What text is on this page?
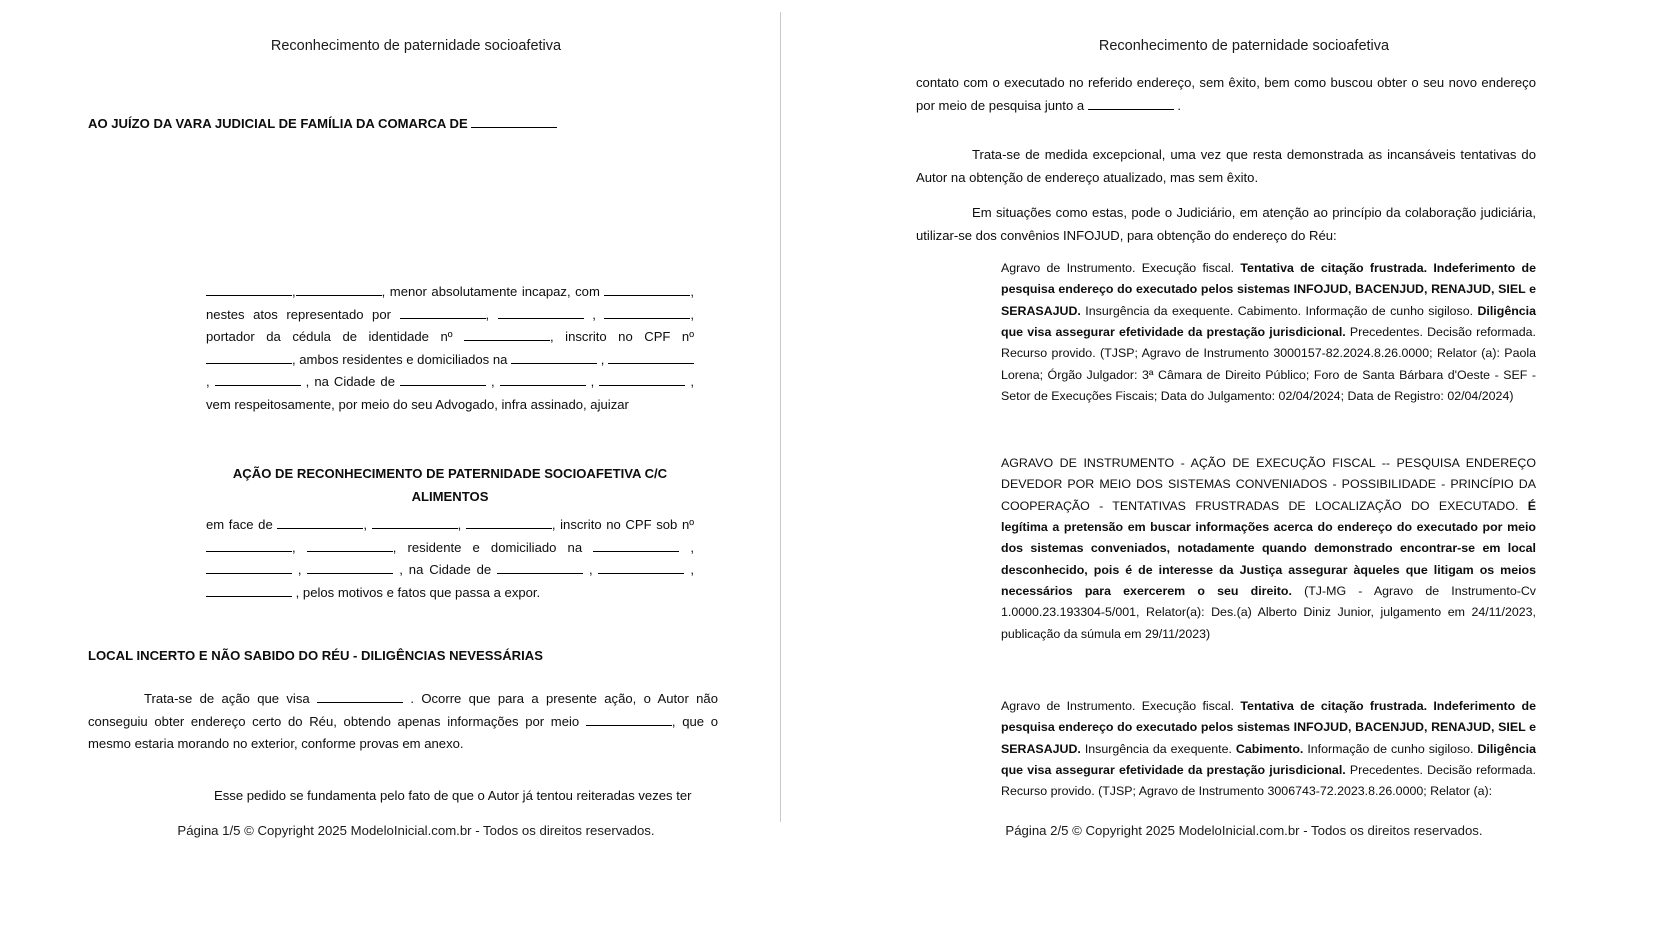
Reconhecimento de paternidade socioafetiva

AO JUÍZO DA VARA JUDICIAL DE FAMÍLIA DA COMARCA DE

,	, menor absolutamente incapaz, com	, nestes atos representado por	,	,	, portador da cédula de identidade nº	, inscrito no CPF nº , ambos residentes e domiciliados na	,  ,	, na Cidade de	,	,	, vem respeitosamente, por meio do seu Advogado, infra assinado, ajuizar

AÇÃO DE RECONHECIMENTO DE PATERNIDADE SOCIOAFETIVA C/C

ALIMENTOS

em face de	,	,	, inscrito no CPF sob nº ,	, residente e domiciliado na	,  ,	, na Cidade de	,	,  , pelos motivos e fatos que passa a expor.

LOCAL INCERTO E NÃO SABIDO DO RÉU - DILIGÊNCIAS NEVESSÁRIAS

Trata-se de ação que visa	. Ocorre que para a presente ação, o Autor não conseguiu obter endereço certo do Réu, obtendo apenas informações por meio	, que o mesmo estaria morando no exterior, conforme provas em anexo.

Esse pedido se fundamenta pelo fato de que o Autor já tentou reiteradas vezes ter

Página 1/5 © Copyright 2025 ModeloInicial.com.br - Todos os direitos reservados.
Reconhecimento de paternidade socioafetiva

contato com o executado no referido endereço, sem êxito, bem como buscou obter o seu novo endereço por meio de pesquisa junto a	.

Trata-se de medida excepcional, uma vez que resta demonstrada as incansáveis tentativas do Autor na obtenção de endereço atualizado, mas sem êxito.

Em situações como estas, pode o Judiciário, em atenção ao princípio da colaboração judiciária, utilizar-se dos convênios INFOJUD, para obtenção do endereço do Réu:

Agravo de Instrumento. Execução fiscal. Tentativa de citação frustrada. Indeferimento de pesquisa endereço do executado pelos sistemas INFOJUD, BACENJUD, RENAJUD, SIEL e SERASAJUD. Insurgência da exequente. Cabimento. Informação de cunho sigiloso. Diligência que visa assegurar efetividade da prestação jurisdicional. Precedentes. Decisão reformada. Recurso provido. (TJSP; Agravo de Instrumento 3000157-82.2024.8.26.0000; Relator (a): Paola Lorena; Órgão Julgador: 3ª Câmara de Direito Público; Foro de Santa Bárbara d'Oeste - SEF - Setor de Execuções Fiscais; Data do Julgamento: 02/04/2024; Data de Registro: 02/04/2024)

AGRAVO DE INSTRUMENTO - AÇÃO DE EXECUÇÃO FISCAL -- PESQUISA ENDEREÇO DEVEDOR POR MEIO DOS SISTEMAS CONVENIADOS - POSSIBILIDADE - PRINCÍPIO DA COOPERAÇÃO - TENTATIVAS FRUSTRADAS DE LOCALIZAÇÃO DO EXECUTADO. É legítima a pretensão em buscar informações acerca do endereço do executado por meio dos sistemas conveniados, notadamente quando demonstrado encontrar-se em local desconhecido, pois é de interesse da Justiça assegurar àqueles que litigam os meios necessários para exercerem o seu direito. (TJ-MG - Agravo de Instrumento-Cv 1.0000.23.193304-5/001, Relator(a): Des.(a) Alberto Diniz Junior, julgamento em 24/11/2023, publicação da súmula em 29/11/2023)

Agravo de Instrumento. Execução fiscal. Tentativa de citação frustrada. Indeferimento de pesquisa endereço do executado pelos sistemas INFOJUD, BACENJUD, RENAJUD, SIEL e SERASAJUD. Insurgência da exequente. Cabimento. Informação de cunho sigiloso. Diligência que visa assegurar efetividade da prestação jurisdicional. Precedentes. Decisão reformada. Recurso provido. (TJSP; Agravo de Instrumento 3006743-72.2023.8.26.0000; Relator (a):

Página 2/5 © Copyright 2025 ModeloInicial.com.br - Todos os direitos reservados.
